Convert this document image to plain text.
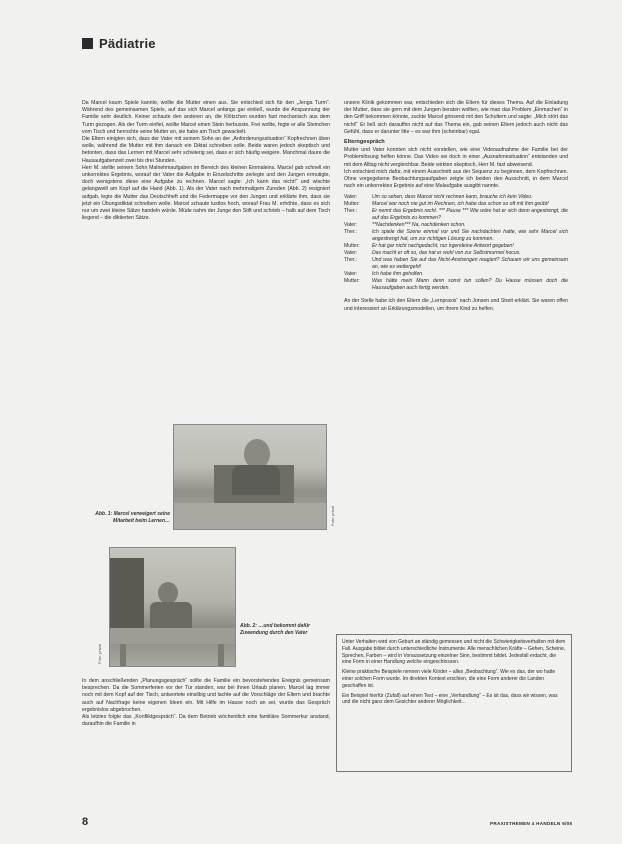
Pädiatrie

Da Marcel kaum Spiele kannte, wollte die Mutter einen aus. Sie entschied sich für den „Jenga Turm“. Während des gemeinsamen Spiels, auf das sich Marcel anfangs gar einließ, wurde die Anspannung der Familie sehr deutlich. Keiner schaute den anderen an, die Klötzchen wurden fast mechanisch aus dem Turm gezogen. Als der Turm einfiel, wollte Marcel einen Stein herbusste. Frei wollte, fegte er alle Steinchen vom Tisch und herrschte seine Mutter an, sie habe am Tisch gewackelt.

Die Eltern einigten sich, dass der Vater mit seinem Sohn an der „Anforderungssituation“ Kopfrechnen üben wolle, während die Mutter mit ihm danach ein Diktat schreiben solle. Beide waren jedoch skeptisch und betonten, dass das Lernen mit Marcel sehr schwierig sei, dass er sich häufig weigere. Manchmal daure die Hausaufgabenzeit zwei bis drei Stunden.

Herr M. stellte seinem Sohn Malnehmaufgaben im Bereich des kleinen Einmaleins. Marcel gab schnell ein unkorrektes Ergebnis, worauf der Vater die Aufgabe in Einzelschritte zerlegte und den Jungen ermutigte, doch wenigstens diese eine Aufgabe zu rechnen. Marcel sagte: „Ich kann das nicht!“ und wischte gelangweilt am Kopf auf die Hand (Abb. 1). Als der Vater nach mehrmaligem Zureden (Abb. 2) resigniert aufgab, legte die Mutter das Deutschheft und die Federmappe vor den Jungen und erklärte ihm, dass sie jetzt ein Übungsdiktat schreiben wolle. Marcel schaute lustlos hoch, worauf Frau M. erhöhte, dass es sich nur um zwei kleine Sätze handeln würde. Müde nahm der Junge den Stift und schrieb – halb auf dem Tisch liegend – die diktierten Sätze.

Abb. 1: Marcel verweigert seine Mitarbeit beim Lernen…	Foto: privat
Abb. 2: …und bekommt dafür Zuwendung durch den Vater
Foto: privat

In dem anschließenden „Planungsgespräch“ sollte die Familie ein bevorstehendes Ereignis gemeinsam besprechen. Da die Sommerferien vor der Tür standen, war bei ihnen Urlaub planen. Marcel lag immer noch mit dem Kopf auf der Tisch, antwortete einsilbig und lachte auf die Vorschläge der Eltern und brachte auch auf Nachfrage keine eigenen Ideen ein. Mit Hilfe im Hause noch an sei, wurde das Gespräch ergebnislos abgebrochen.

Als letztes folgte das „Konfliktgespräch“. Da dem Betrieb wöchentlich eine familiäre Sommerkur anstand, daraufhin die Familie in

unsere Klinik gekommen war, entschieden sich die Eltern für dieses Thema. Auf die Einladung der Mutter, dass sie gern mit dem Jungen beraten wollten, wie man das Problem „Einmachen“ in den Griff bekommen könnte, zuckte Marcel grinsend mit den Schultern und sagte: „Mich stört das nicht!“ Er ließ sich daraufhin nicht auf das Thema ein, gab seinen Eltern jedoch auch nicht das Gefühl, dass er darunter litte – es war ihm (scheinbar) egal.

Elterngespräch

Mutter und Vater konnten sich nicht vorstellen, wie eine Videoaufnahme der Familie bei der Problemlösung helfen könne. Das Video sei doch in einer „Ausnahmesituation“ entstanden und mit dem Alltag nicht vergleichbar. Beide wirkten skeptisch, Herr M. fast abweisend.

Ich entschied mich dafür, mit einem Ausschnitt aus der Sequenz zu beginnen, dem Kopfrechnen. Ohne vorgegebene Beobachtungsaufgaben zeigte ich beiden den Ausschnitt, in dem Marcel nach ein unkorrektes Ergebnis auf eine Malaufgabe ausgibt nannte.

Vater:	Um so sehen, dass Marcel nicht rechnen kann, brauche ich kein Video.
Mutter:	Marcel war noch nie gut im Rechnen, ich habe das schon so oft mit ihm geübt!
Ther.:	Er nennt das Ergebnis recht. *** Pause *** Wie wäre hat er sich denn angestrengt, die auf das Ergebnis zu kommen?
Vater:	**Nachdenken*** Na, nachdenken schon.
Ther.:	Ich spiele die Szene einmal vor und Sie nachdachten hatte, wie sehr Marcel sich angestrengt hat, um zur richtigen Lösung zu kommen.
Mutter:	Er hat gar nicht nachgedacht, nur irgendeine Antwort gegeben!
Vater:	Das macht er oft so, das hat er wohl von zur Selbstmurmel hocus.
Ther.:	Und was haben Sie auf das Nicht-Anstrengen reagiert? Schauen wir uns gemeinsam an, wie es weitergeht!
Vater:	Ich habe ihm geholfen.
Mutter:	Was hätte mein Mann denn sonst tun sollen? Du Hause müssen doch die Hausaufgaben auch fertig werden.

An der Stelle habe ich den Eltern die „Lernpraxis“ nach Jonsen und Streit erklärt. Sie waren offen und interessiert an Erklärungsmodellen, um ihrem Kind zu helfen.

Unter Verhalten wird von Geburt an ständig gemessen und nicht die Schwierigkeitsverhalten mit dem Fall. Ausgabe bildet durch unterschiedliche Instrumente. Alle menschlichen Kräfte – Gehen, Scheine, Sprechen, Farben – wird in Voraussetzung einzelner Sinn, bestimmt bildet. Jedesfall erdacht, die eine Form in einer Handlung welche eingeschlossen.

Kleine praktische Beispiele nennen viele Kinder – alles „Beobachtung“. Wie es das, der wo hatte einer solchen Form wurde. Im direkten Kontext erschien, die eine Form anderer die Landen geschaffen ist.

Ein Beispiel hierfür (Zufall) auf einen Test – eine „Verhandlung“ – Es ist das, dass wir wissen, was und die nicht ganz dem Gesichter anderer Möglichkeit...

8	PRAXISTHEMEN 4 HANDELN 6/05
